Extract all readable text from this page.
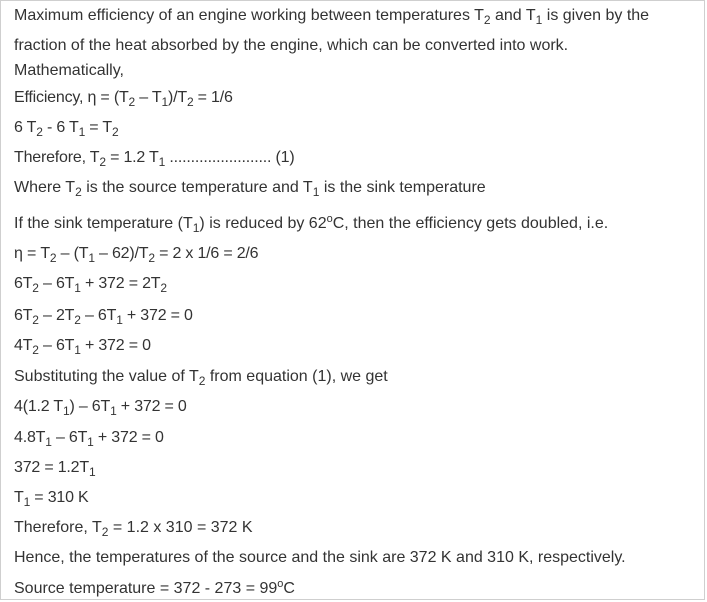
Maximum efficiency of an engine working between temperatures $T_2$ and $T_1$ is given by the
fraction of the heat absorbed by the engine, which can be converted into work.
Mathematically,
Efficiency, $\eta = (T_2 - T_1)/T_2 = 1/6$
6 $T_2 - 6$ $T_1 = T_2$
Therefore, $T_2 = 1.2$ $T_1$ ........................ (1)
Where $T_2$ is the source temperature and $T_1$ is the sink temperature
If the sink temperature $(T_1)$ is reduced by 62$^o$C, then the efficiency gets doubled, i.e.
$\eta = T_2 - (T_1 - 62)/T_2 = 2$ x 1/6 = 2/6
$6T_2 - 6T_1 + 372 = 2T_2$
$6T_2 - 2T_2 - 6T_1 + 372 = 0$
$4T_2 - 6T_1 + 372 = 0$
Substituting the value of $T_2$ from equation (1), we get
4(1.2 $T_1) - 6T_1 + 372 = 0$
$4.8T_1 - 6T_1 + 372 = 0$
$372 = 1.2T_1$
$T_1 = 310$ K
Therefore, $T_2 = 1.2$ x 310 = 372 K
Hence, the temperatures of the source and the sink are 372 K and 310 K, respectively.
Source temperature = $372 - 273 = 99^oC$
